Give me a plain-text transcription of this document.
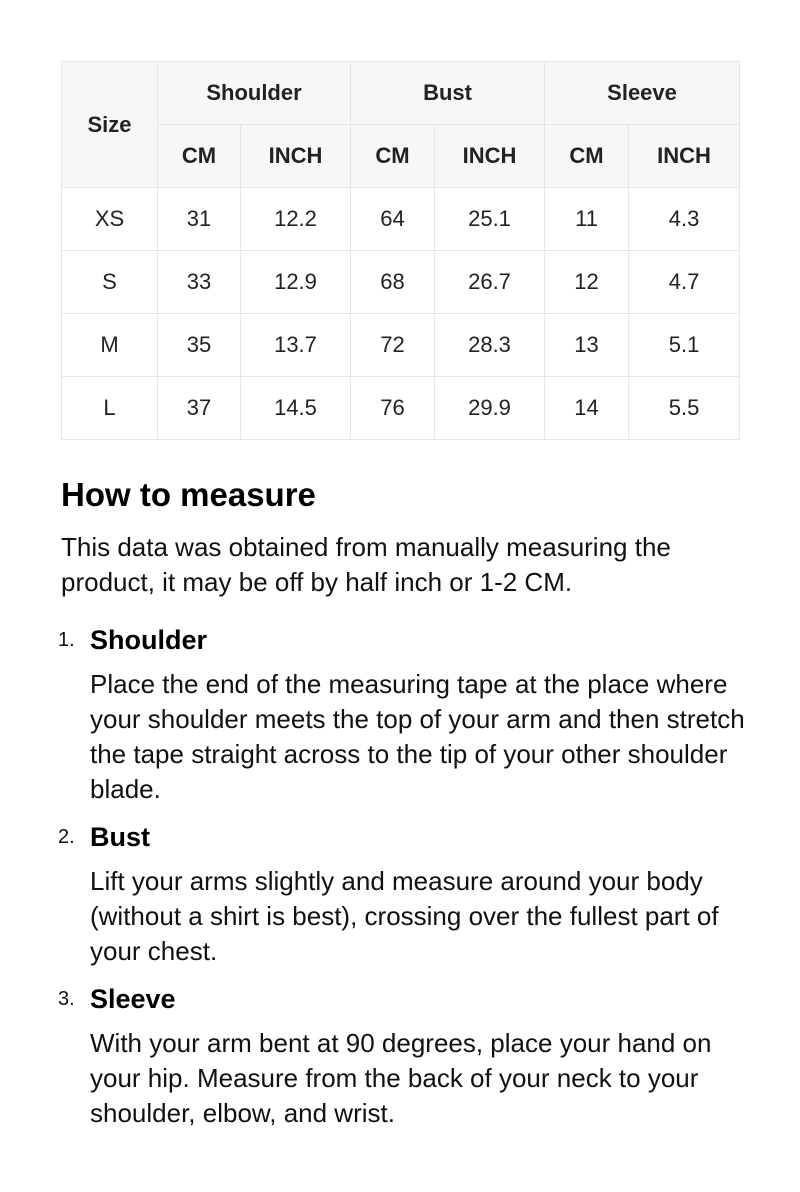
Size	Shoulder		Bust		Sleeve	
	CM	INCH	CM	INCH	CM	INCH
XS	31	12.2	64	25.1	11	4.3
S	33	12.9	68	26.7	12	4.7
M	35	13.7	72	28.3	13	5.1
L	37	14.5	76	29.9	14	5.5
How to measure

This data was obtained from manually measuring the product, it may be off by half inch or 1-2 CM.

1. Shoulder

Place the end of the measuring tape at the place where your shoulder meets the top of your arm and then stretch the tape straight across to the tip of your other shoulder blade.

2. Bust

Lift your arms slightly and measure around your body (without a shirt is best), crossing over the fullest part of your chest.

3. Sleeve

With your arm bent at 90 degrees, place your hand on your hip. Measure from the back of your neck to your shoulder, elbow, and wrist.
